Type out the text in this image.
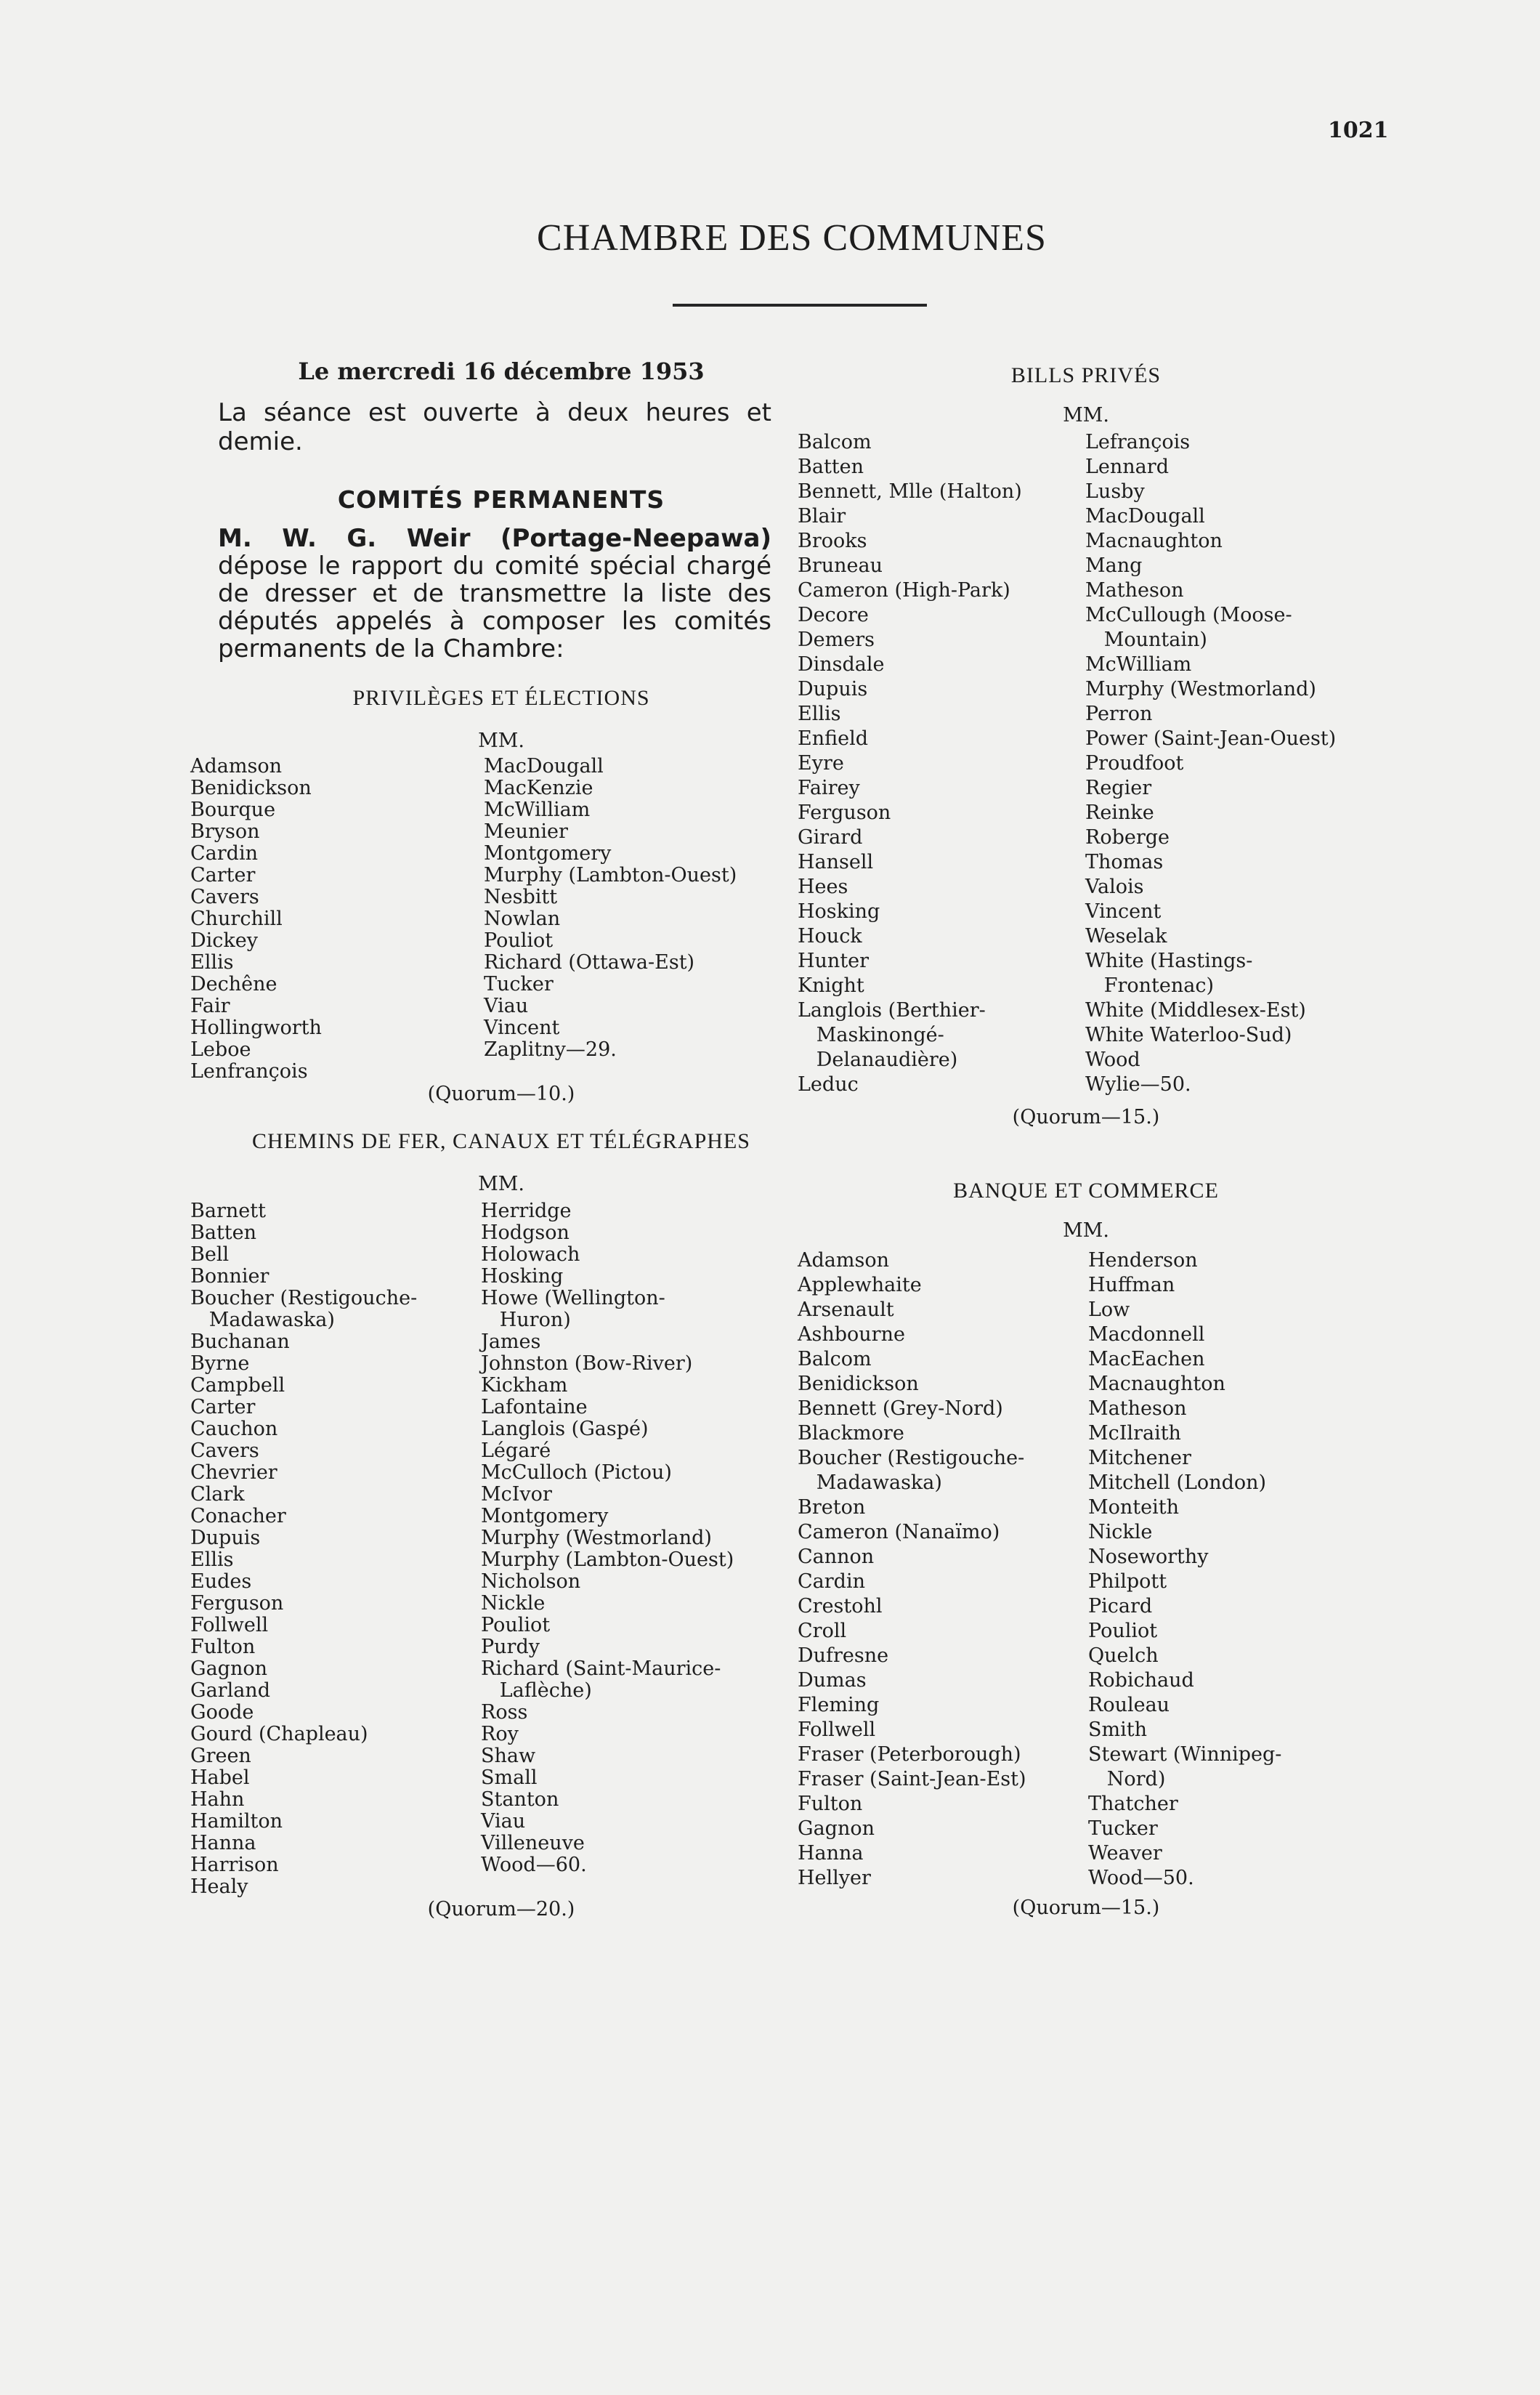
1021
CHAMBRE DES COMMUNES
Le mercredi 16 décembre 1953
La séance est ouverte à deux heures et demie.
COMITÉS PERMANENTS
M. W. G. Weir (Portage-Neepawa) dépose le rapport du comité spécial chargé de dresser et de transmettre la liste des députés appelés à composer les comités permanents de la Chambre:
PRIVILÈGES ET ÉLECTIONS
MM.
Adamson
Benidickson
Bourque
Bryson
Cardin
Carter
Cavers
Churchill
Dickey
Ellis
Dechêne
Fair
Hollingworth
Leboe
Lenfrançois
MacDougall
MacKenzie
McWilliam
Meunier
Montgomery
Murphy (Lambton-Ouest)
Nesbitt
Nowlan
Pouliot
Richard (Ottawa-Est)
Tucker
Viau
Vincent
Zaplitny—29.
(Quorum—10.)
CHEMINS DE FER, CANAUX ET TÉLÉGRAPHES
MM.
Barnett
Batten
Bell
Bonnier
Boucher (Restigouche-
Madawaska)
Buchanan
Byrne
Campbell
Carter
Cauchon
Cavers
Chevrier
Clark
Conacher
Dupuis
Ellis
Eudes
Ferguson
Follwell
Fulton
Gagnon
Garland
Goode
Gourd (Chapleau)
Green
Habel
Hahn
Hamilton
Hanna
Harrison
Healy
Herridge
Hodgson
Holowach
Hosking
Howe (Wellington-
Huron)
James
Johnston (Bow-River)
Kickham
Lafontaine
Langlois (Gaspé)
Légaré
McCulloch (Pictou)
McIvor
Montgomery
Murphy (Westmorland)
Murphy (Lambton-Ouest)
Nicholson
Nickle
Pouliot
Purdy
Richard (Saint-Maurice-
Laflèche)
Ross
Roy
Shaw
Small
Stanton
Viau
Villeneuve
Wood—60.
(Quorum—20.)
BILLS PRIVÉS
MM.
Balcom
Batten
Bennett, Mlle (Halton)
Blair
Brooks
Bruneau
Cameron (High-Park)
Decore
Demers
Dinsdale
Dupuis
Ellis
Enfield
Eyre
Fairey
Ferguson
Girard
Hansell
Hees
Hosking
Houck
Hunter
Knight
Langlois (Berthier-
Maskinongé-
Delanaudière)
Leduc
Lefrançois
Lennard
Lusby
MacDougall
Macnaughton
Mang
Matheson
McCullough (Moose-
Mountain)
McWilliam
Murphy (Westmorland)
Perron
Power (Saint-Jean-Ouest)
Proudfoot
Regier
Reinke
Roberge
Thomas
Valois
Vincent
Weselak
White (Hastings-
Frontenac)
White (Middlesex-Est)
White Waterloo-Sud)
Wood
Wylie—50.
(Quorum—15.)
BANQUE ET COMMERCE
MM.
Adamson
Applewhaite
Arsenault
Ashbourne
Balcom
Benidickson
Bennett (Grey-Nord)
Blackmore
Boucher (Restigouche-
Madawaska)
Breton
Cameron (Nanaïmo)
Cannon
Cardin
Crestohl
Croll
Dufresne
Dumas
Fleming
Follwell
Fraser (Peterborough)
Fraser (Saint-Jean-Est)
Fulton
Gagnon
Hanna
Hellyer
Henderson
Huffman
Low
Macdonnell
MacEachen
Macnaughton
Matheson
McIlraith
Mitchener
Mitchell (London)
Monteith
Nickle
Noseworthy
Philpott
Picard
Pouliot
Quelch
Robichaud
Rouleau
Smith
Stewart (Winnipeg-
Nord)
Thatcher
Tucker
Weaver
Wood—50.
(Quorum—15.)
